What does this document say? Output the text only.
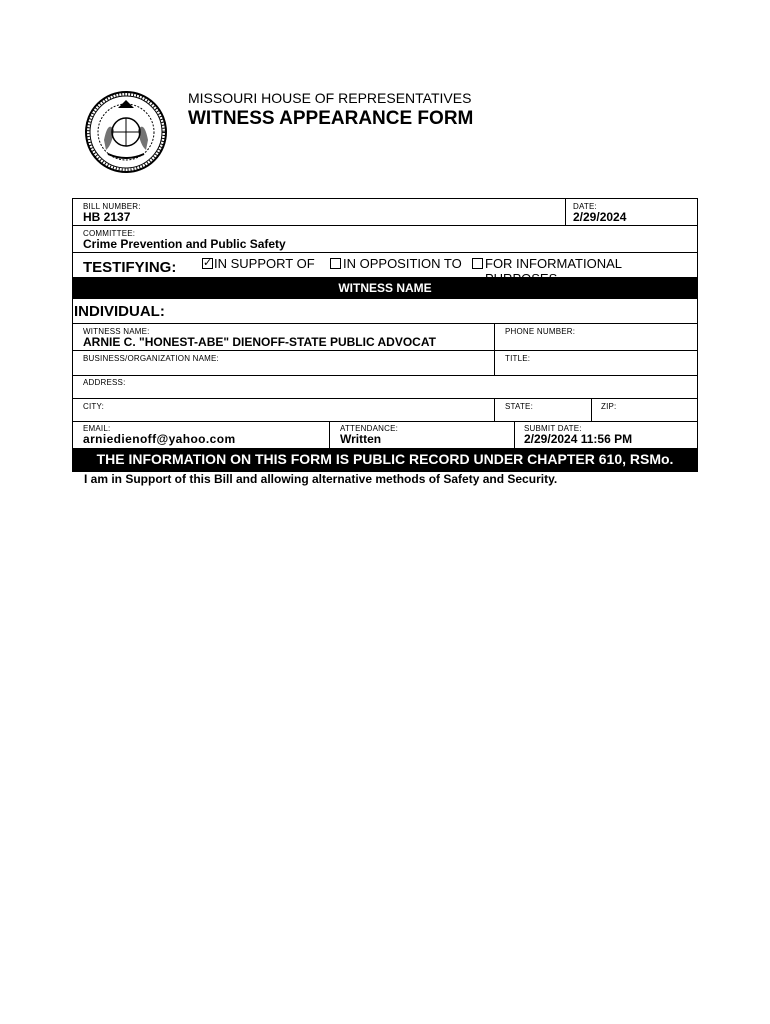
MISSOURI HOUSE OF REPRESENTATIVES
WITNESS APPEARANCE FORM
BILL NUMBER:
HB 2137
DATE:
2/29/2024
COMMITTEE:
Crime Prevention and Public Safety
TESTIFYING: ✓ IN SUPPORT OF IN OPPOSITION TO FOR INFORMATIONAL
WITNESS NAME
INDIVIDUAL:
WITNESS NAME:
ARNIE C. "HONEST-ABE" DIENOFF-STATE PUBLIC ADVOCAT
PHONE NUMBER:
BUSINESS/ORGANIZATION NAME:	TITLE:
ADDRESS:
CITY:	STATE:	ZIP:
EMAIL:
arniedienoff@yahoo.com
ATTENDANCE:
Written
SUBMIT DATE:
2/29/2024 11:56 PM
THE INFORMATION ON THIS FORM IS PUBLIC RECORD UNDER CHAPTER 610, RSMo.
I am in Support of this Bill and allowing alternative methods of Safety and Security.
